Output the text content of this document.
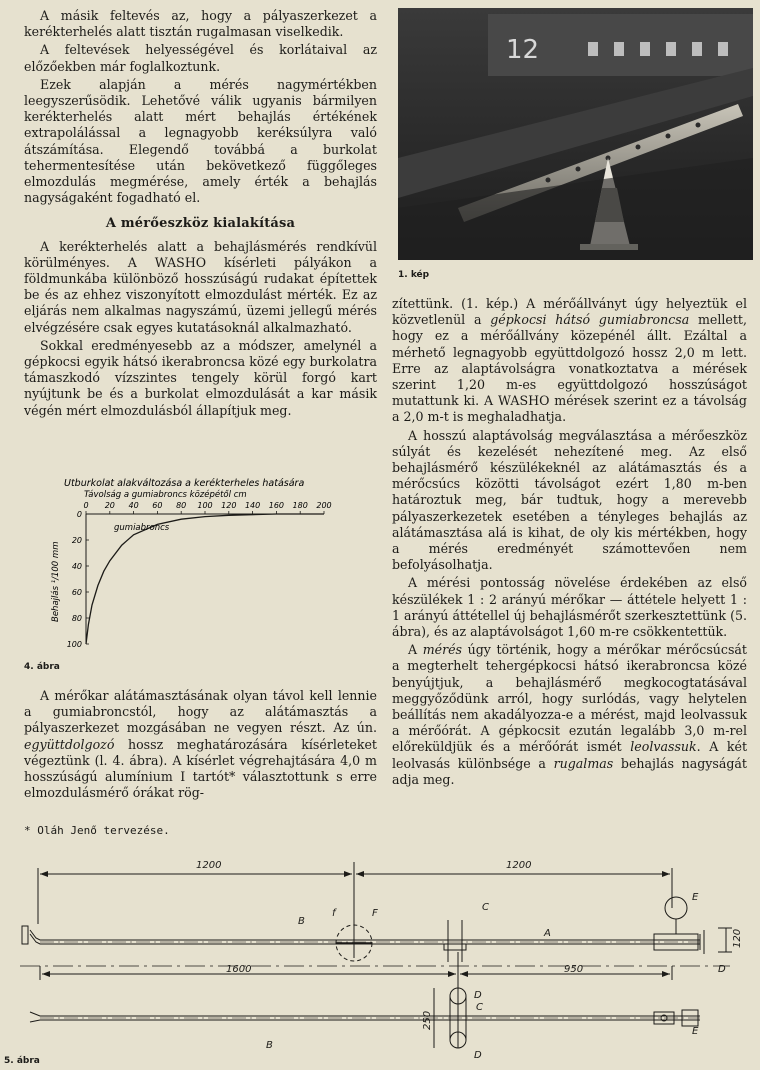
A másik feltevés az, hogy a pályaszerkezet a kerékterhelés alatt tisztán rugalmasan viselkedik.

A feltevések helyességével és korlátaival az előzőekben már foglalkoztunk.

Ezek alapján a mérés nagymértékben leegyszerűsödik. Lehetővé válik ugyanis bármilyen kerékterhelés alatt mért behajlás értékének extrapolálással a legnagyobb keréksúlyra való átszámítása. Elegendő továbbá a burkolat tehermentesítése után bekövetkező függőleges elmozdulás megmérése, amely érték a behajlás nagyságaként fogadható el.

A mérőeszköz kialakítása

A kerékterhelés alatt a behajlásmérés rendkívül körülményes. A WASHO kísérleti pályákon a földmunkába különböző hosszúságú rudakat építettek be és az ehhez viszonyított elmozdulást mérték. Ez az eljárás nem alkalmas nagyszámú, üzemi jellegű mérés elvégzésére csak egyes kutatásoknál alkalmazható.

Sokkal eredményesebb az a módszer, amelynél a gépkocsi egyik hátsó ikerabroncsa közé egy burkolatra támaszkodó vízszintes tengely körül forgó kart nyújtunk be és a burkolat elmozdulását a kar másik végén mért elmozdulásból állapítjuk meg.

Utburkolat alakváltozása a kerékterheles hatására
Távolság a gumiabroncs középétől cm
0 20 40 60 80 100 120 140 160 180 200
0
20
40
60
80
100
gumiabroncs
Behajlás ¹/100 mm
4. ábra

A mérőkar alátámasztásának olyan távol kell lennie a gumiabroncstól, hogy az alátámasztás a pályaszerkezet mozgásában ne vegyen részt. Az ún. együttdolgozó hossz meghatározására kísérleteket végeztünk (l. 4. ábra). A kísérlet végrehajtására 4,0 m hosszúságú alumínium I tartót* választottunk s erre elmozdulásmérő órákat rög-

* Oláh Jenő tervezése.
12
1. kép

zítettünk. (1. kép.) A mérőállványt úgy helyeztük el közvetlenül a gépkocsi hátsó gumiabroncsa mellett, hogy ez a mérőállvány közepénél állt. Ezáltal a mérhető legnagyobb együttdolgozó hossz 2,0 m lett. Erre az alaptávolságra vonatkoztatva a mérések szerint 1,20 m-es együttdolgozó hosszúságot mutattunk ki. A WASHO mérések szerint ez a távolság a 2,0 m-t is meghaladhatja.

A hosszú alaptávolság megválasztása a mérőeszköz súlyát és kezelését nehezítené meg. Az első behajlásmérő készülékeknél az alátámasztás és a mérőcsúcs közötti távolságot ezért 1,80 m-ben határoztuk meg, bár tudtuk, hogy a merevebb pályaszerkezetek esetében a tényleges behajlás az alátámasztása alá is kihat, de oly kis mértékben, hogy a mérés eredményét számottevően nem befolyásolhatja.

A mérési pontosság növelése érdekében az első készülékek 1 : 2 arányú mérőkar — áttétele helyett 1 : 1 arányú áttétellel új behajlásmérőt szerkesztettünk (5. ábra), és az alaptávolságot 1,60 m-re csökkentettük.

A mérés úgy történik, hogy a mérőkar mérőcsúcsát a megterhelt tehergépkocsi hátsó ikerabroncsa közé benyújtjuk, a behajlásmérő megkocogtatásával meggyőződünk arról, hogy surlódás, vagy helytelen beállítás nem akadályozza-e a mérést, majd leolvassuk a mérőórát. A gépkocsit ezután legalább 3,0 m-rel előreküldjük és a mérőórát ismét leolvassuk. A két leolvasás különbsége a rugalmas behajlás nagyságát adja meg.

1200	1200
1600	950
120
250
A
B
B
C
C
D
D
D
E
E
F
f
5. ábra
